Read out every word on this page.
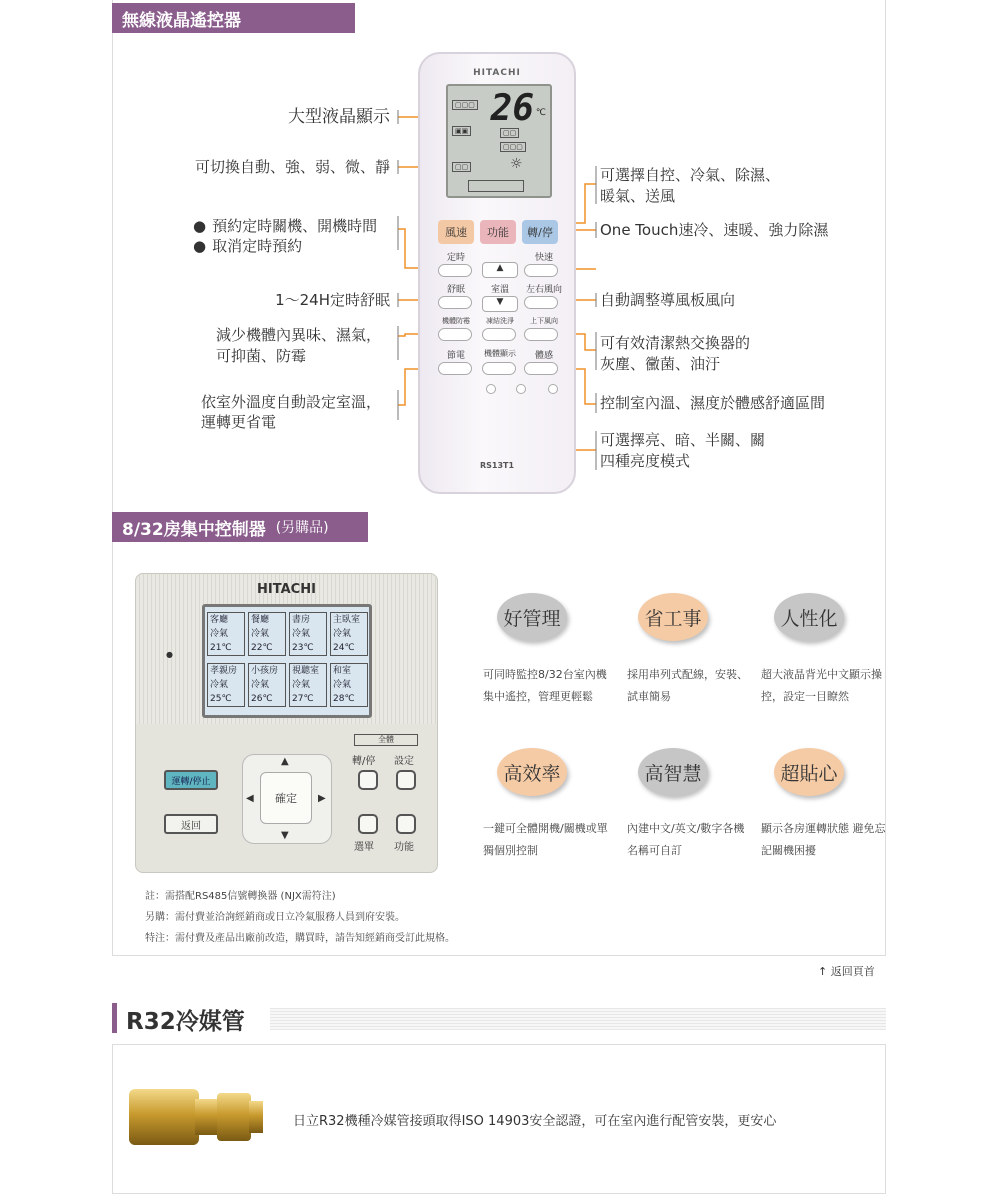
無線液晶遙控器
HITACHI
▢▢▢
▣▣	▢▢
▢▢▢
▢▢	☼
26 ℃
風速 功能 轉/停
定時	快速
▲
舒眠	室溫	左右風向
▼
機體防霉	凍結洗淨	上下風向
節電	機體顯示	體感
RS13T1
大型液晶顯示
可切換自動、強、弱、微、靜
● 預約定時關機、開機時間
● 取消定時預約
1〜24H定時舒眠
減少機體內異味、濕氣，
可抑菌、防霉
依室外溫度自動設定室溫，
運轉更省電
可選擇自控、冷氣、除濕、
暖氣、送風
One Touch速冷、速暖、強力除濕
自動調整導風板風向
可有效清潔熱交換器的
灰塵、黴菌、油汙
控制室內溫、濕度於體感舒適區間
可選擇亮、暗、半關、關
四種亮度模式
8/32房集中控制器 (另購品)
HITACHI
●
客廳
冷氣
21℃
餐廳
冷氣
22℃
書房
冷氣
23℃
主臥室
冷氣
24℃
孝親房
冷氣
25℃
小孩房
冷氣
26℃
視聽室
冷氣
27℃
和室
冷氣
28℃
運轉/停止
返回
▲
▼
◀	▶
確定
全體
轉/停 設定
選單 功能
好管理	省工事	人性化
可同時監控8/32台室內機 集中遙控，管理更輕鬆
採用串列式配線，安裝、試車簡易
超大液晶背光中文顯示操控，設定一目瞭然
高效率	高智慧	超貼心
一鍵可全體開機/關機或單獨個別控制
內建中文/英文/數字各機名稱可自訂
顯示各房運轉狀態 避免忘記關機困擾
註：需搭配RS485信號轉換器 (NJX需符注)
另購：需付費並洽詢經銷商或日立冷氣服務人員到府安裝。
特注：需付費及產品出廠前改造，購買時，請告知經銷商受訂此規格。
↑ 返回頁首
R32冷媒管
日立R32機種冷媒管接頭取得ISO 14903安全認證，可在室內進行配管安裝，更安心
